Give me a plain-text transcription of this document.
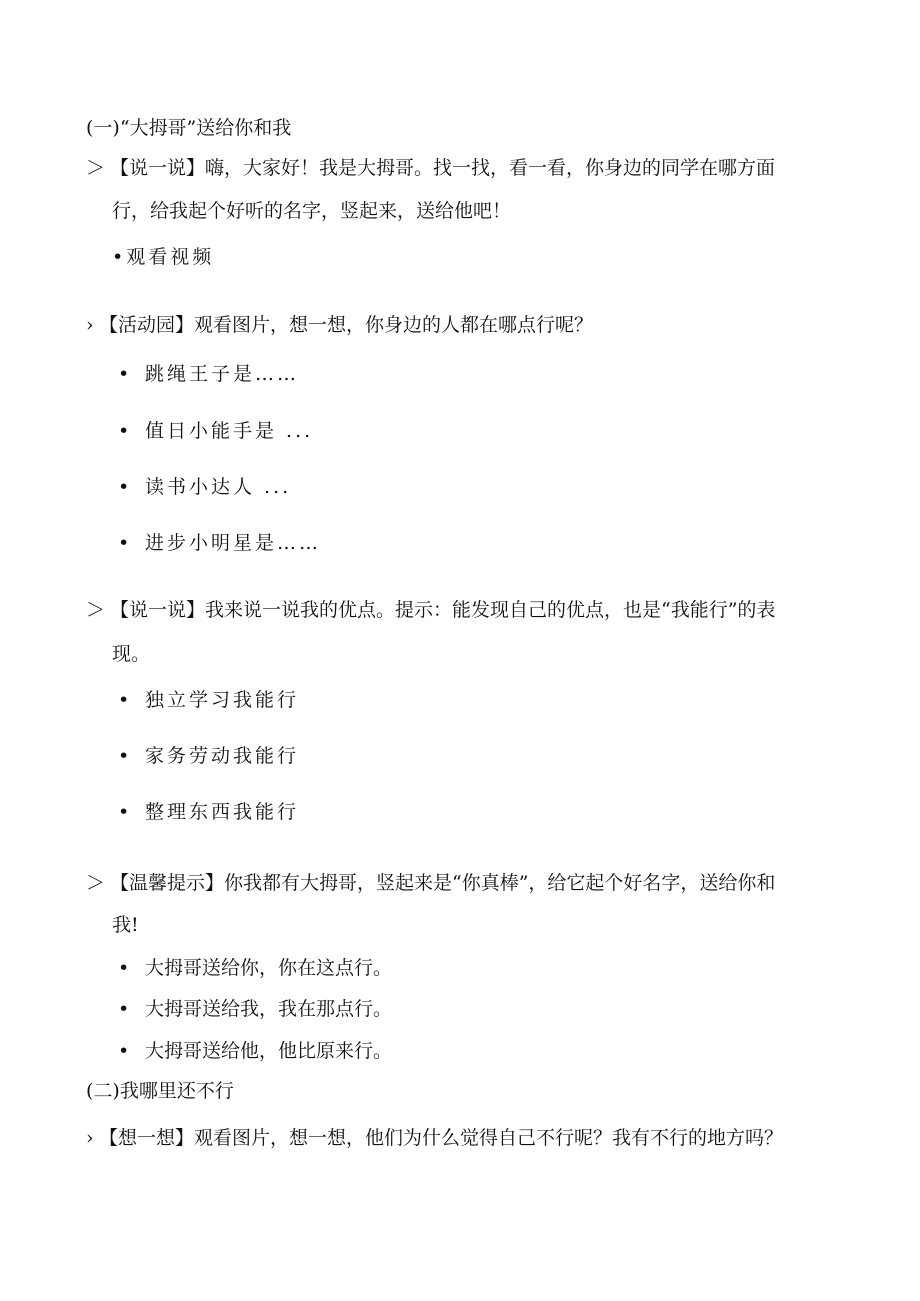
(一)“大拇哥”送给你和我
＞ 【说一说】嗨，大家好！我是大拇哥。找一找，看一看，你身边的同学在哪方面
行，给我起个好听的名字，竖起来，送给他吧！
•观看视频
› 【活动园】观看图片，想一想，你身边的人都在哪点行呢？
• 跳绳王子是……
• 值日小能手是 ...
• 读书小达人 ...
• 进步小明星是……
＞ 【说一说】我来说一说我的优点。提示：能发现自己的优点，也是“我能行”的表
现。
• 独立学习我能行
• 家务劳动我能行
• 整理东西我能行
＞ 【温馨提示】你我都有大拇哥，竖起来是“你真棒”，给它起个好名字，送给你和
我!
• 大拇哥送给你，你在这点行。
• 大拇哥送给我，我在那点行。
• 大拇哥送给他，他比原来行。
(二)我哪里还不行
› 【想一想】观看图片，想一想，他们为什么觉得自己不行呢？我有不行的地方吗？
